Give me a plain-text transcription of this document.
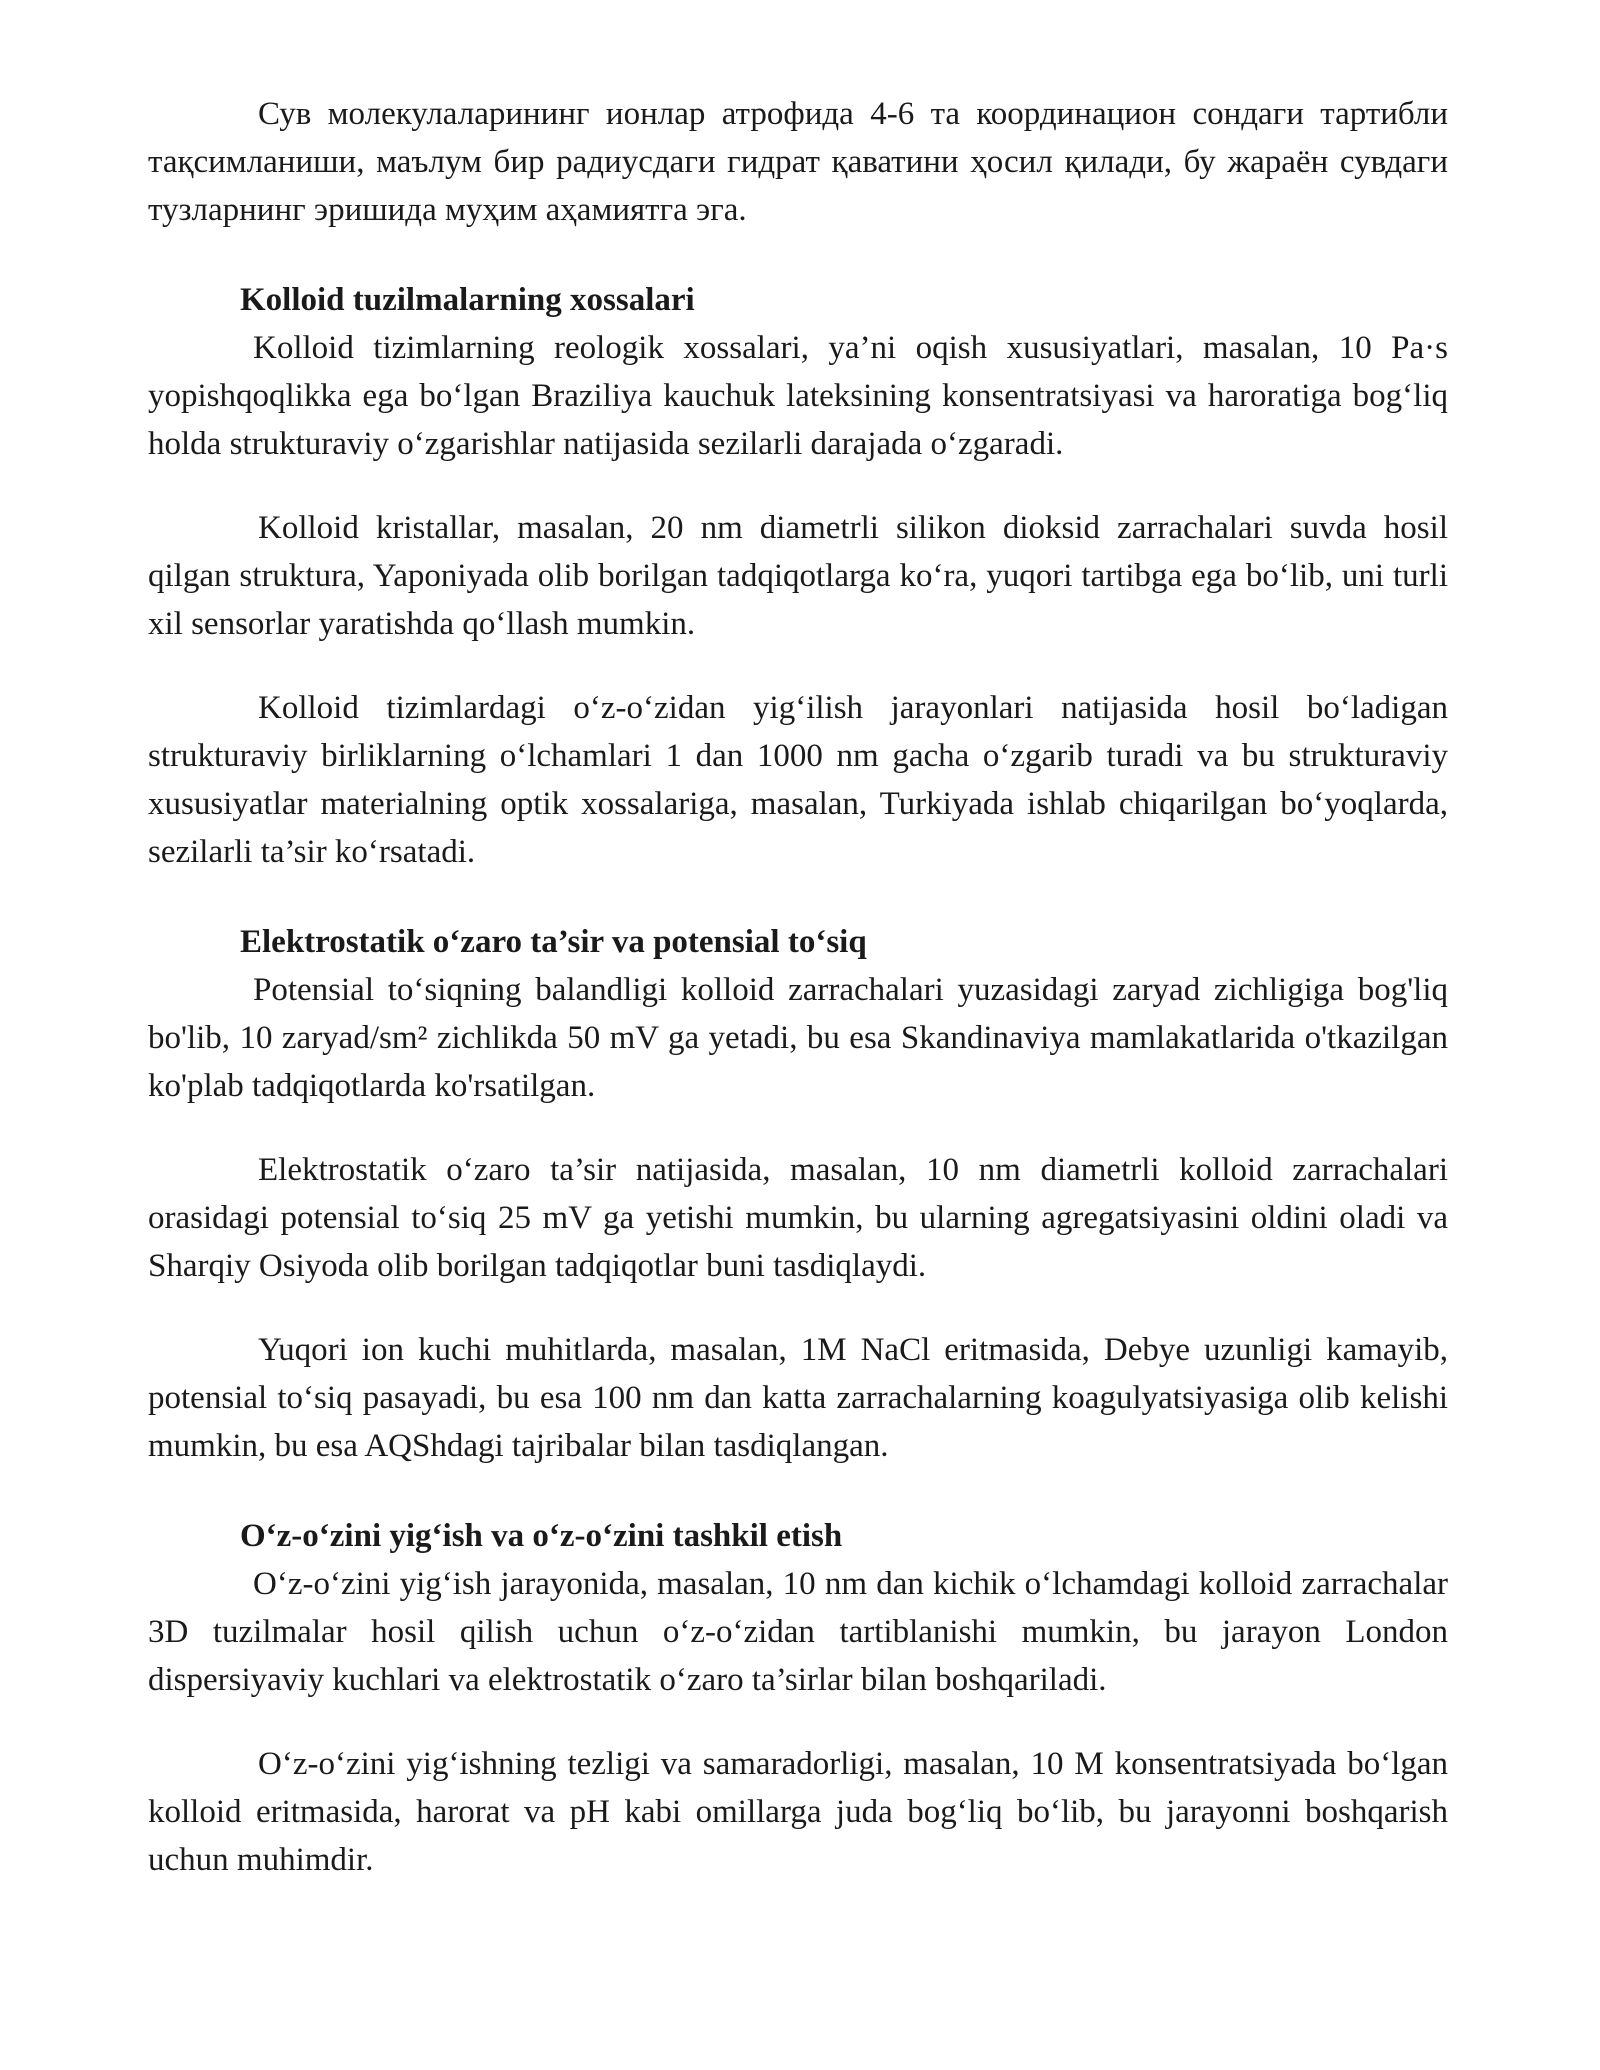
Сув молекулаларининг ионлар атрофида 4-6 та координацион сондаги тартибли тақсимланиши, маълум бир радиусдаги гидрат қаватини ҳосил қилади, бу жараён сувдаги тузларнинг эришида муҳим аҳамиятга эга.

Kolloid tuzilmalarning xossalari

Kolloid tizimlarning reologik xossalari, ya’ni oqish xususiyatlari, masalan, 10 Pa·s yopishqoqlikka ega bo‘lgan Braziliya kauchuk lateksining konsentratsiyasi va haroratiga bog‘liq holda strukturaviy o‘zgarishlar natijasida sezilarli darajada o‘zgaradi.

Kolloid kristallar, masalan, 20 nm diametrli silikon dioksid zarrachalari suvda hosil qilgan struktura, Yaponiyada olib borilgan tadqiqotlarga ko‘ra, yuqori tartibga ega bo‘lib, uni turli xil sensorlar yaratishda qo‘llash mumkin.

Kolloid tizimlardagi o‘z-o‘zidan yig‘ilish jarayonlari natijasida hosil bo‘ladigan strukturaviy birliklarning o‘lchamlari 1 dan 1000 nm gacha o‘zgarib turadi va bu strukturaviy xususiyatlar materialning optik xossalariga, masalan, Turkiyada ishlab chiqarilgan bo‘yoqlarda, sezilarli ta’sir ko‘rsatadi.

Elektrostatik o‘zaro ta’sir va potensial to‘siq

Potensial to‘siqning balandligi kolloid zarrachalari yuzasidagi zaryad zichligiga bog'liq bo'lib, 10 zaryad/sm² zichlikda 50 mV ga yetadi, bu esa Skandinaviya mamlakatlarida o'tkazilgan ko'plab tadqiqotlarda ko'rsatilgan.

Elektrostatik o‘zaro ta’sir natijasida, masalan, 10 nm diametrli kolloid zarrachalari orasidagi potensial to‘siq 25 mV ga yetishi mumkin, bu ularning agregatsiyasini oldini oladi va Sharqiy Osiyoda olib borilgan tadqiqotlar buni tasdiqlaydi.

Yuqori ion kuchi muhitlarda, masalan, 1M NaCl eritmasida, Debye uzunligi kamayib, potensial to‘siq pasayadi, bu esa 100 nm dan katta zarrachalarning koagulyatsiyasiga olib kelishi mumkin, bu esa AQShdagi tajribalar bilan tasdiqlangan.

O‘z-o‘zini yig‘ish va o‘z-o‘zini tashkil etish

O‘z-o‘zini yig‘ish jarayonida, masalan, 10 nm dan kichik o‘lchamdagi kolloid zarrachalar 3D tuzilmalar hosil qilish uchun o‘z-o‘zidan tartiblanishi mumkin, bu jarayon London dispersiyaviy kuchlari va elektrostatik o‘zaro ta’sirlar bilan boshqariladi.

O‘z-o‘zini yig‘ishning tezligi va samaradorligi, masalan, 10 M konsentratsiyada bo‘lgan kolloid eritmasida, harorat va pH kabi omillarga juda bog‘liq bo‘lib, bu jarayonni boshqarish uchun muhimdir.
